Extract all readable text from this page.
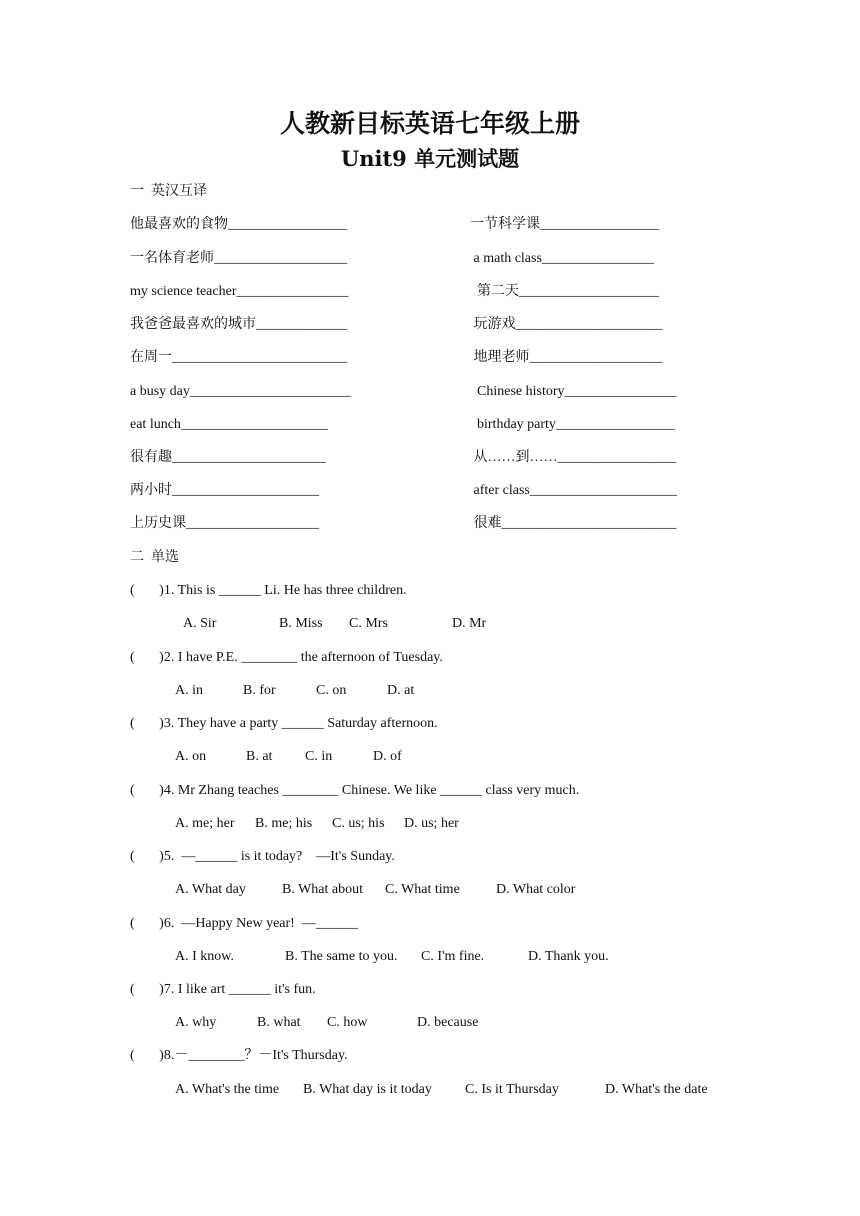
人教新目标英语七年级上册
Unit9 单元测试题
一  英汉互译
他最喜欢的食物_________________	一节科学课_________________
一名体育老师___________________	a math class________________
my science teacher________________	第二天____________________
我爸爸最喜欢的城市_____________	玩游戏_____________________
在周一_________________________	地理老师___________________
a busy day_______________________	Chinese history________________
eat lunch_____________________	birthday party_________________
很有趣______________________	从……到……_________________
两小时_____________________	after class_____________________
上历史课___________________	很难_________________________
二  单选
(       )1. This is ______ Li. He has three children.
A. Sir	B. Miss C. Mrs	D. Mr
(       )2. I have P.E. ________ the afternoon of Tuesday.
A. in	B. for	C. on	D. at
(       )3. They have a party ______ Saturday afternoon.
A. on	B. at C. in	D. of
(       )4. Mr Zhang teaches ________ Chinese. We like ______ class very much.
A. me; her B. me; his C. us; his D. us; her
(       )5.  —______ is it today?    —It's Sunday.
A. What day	B. What about C. What time	D. What color
(       )6.  —Happy New year!  —______
A. I know.	B. The same to you. C. I'm fine.	D. Thank you.
(       )7. I like art ______ it's fun.
A. why	B. what C. how	D. because
(       )8.－________？－It's Thursday.
A. What's the time B. What day is it today C. Is it Thursday	D. What's the date
